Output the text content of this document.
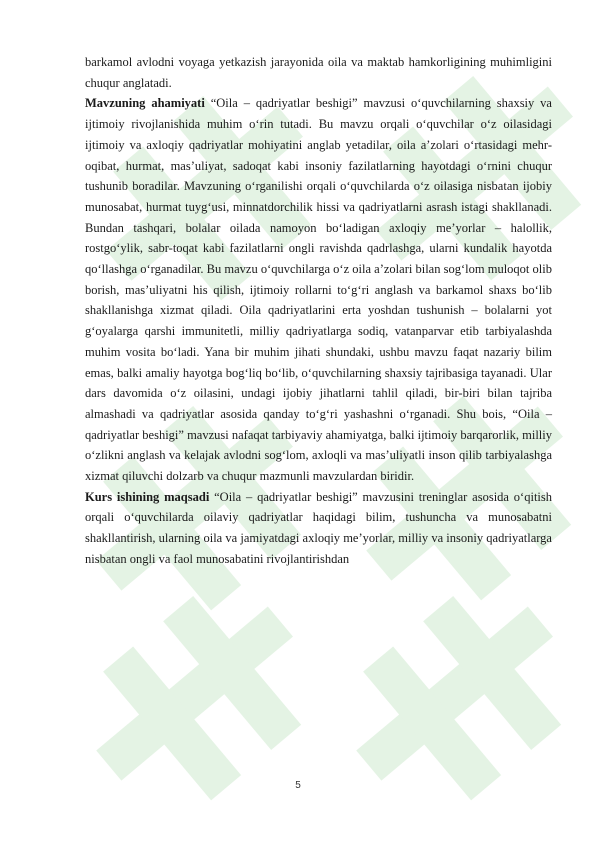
barkamol avlodni voyaga yetkazish jarayonida oila va maktab hamkorligining muhimligini chuqur anglatadi.

Mavzuning ahamiyati “Oila – qadriyatlar beshigi” mavzusi o‘quvchilarning shaxsiy va ijtimoiy rivojlanishida muhim o‘rin tutadi. Bu mavzu orqali o‘quvchilar o‘z oilasidagi ijtimoiy va axloqiy qadriyatlar mohiyatini anglab yetadilar, oila a’zolari o‘rtasidagi mehr-oqibat, hurmat, mas’uliyat, sadoqat kabi insoniy fazilatlarning hayotdagi o‘rnini chuqur tushunib boradilar. Mavzuning o‘rganilishi orqali o‘quvchilarda o‘z oilasiga nisbatan ijobiy munosabat, hurmat tuyg‘usi, minnatdorchilik hissi va qadriyatlarni asrash istagi shakllanadi. Bundan tashqari, bolalar oilada namoyon bo‘ladigan axloqiy me’yorlar – halollik, rostgo‘ylik, sabr-toqat kabi fazilatlarni ongli ravishda qadrlashga, ularni kundalik hayotda qo‘llashga o‘rganadilar. Bu mavzu o‘quvchilarga o‘z oila a’zolari bilan sog‘lom muloqot olib borish, mas’uliyatni his qilish, ijtimoiy rollarni to‘g‘ri anglash va barkamol shaxs bo‘lib shakllanishga xizmat qiladi. Oila qadriyatlarini erta yoshdan tushunish – bolalarni yot g‘oyalarga qarshi immunitetli, milliy qadriyatlarga sodiq, vatanparvar etib tarbiyalashda muhim vosita bo‘ladi. Yana bir muhim jihati shundaki, ushbu mavzu faqat nazariy bilim emas, balki amaliy hayotga bog‘liq bo‘lib, o‘quvchilarning shaxsiy tajribasiga tayanadi. Ular dars davomida o‘z oilasini, undagi ijobiy jihatlarni tahlil qiladi, bir-biri bilan tajriba almashadi va qadriyatlar asosida qanday to‘g‘ri yashashni o‘rganadi. Shu bois, “Oila – qadriyatlar beshigi” mavzusi nafaqat tarbiyaviy ahamiyatga, balki ijtimoiy barqarorlik, milliy o‘zlikni anglash va kelajak avlodni sog‘lom, axloqli va mas’uliyatli inson qilib tarbiyalashga xizmat qiluvchi dolzarb va chuqur mazmunli mavzulardan biridir.

Kurs ishining maqsadi “Oila – qadriyatlar beshigi” mavzusini treninglar asosida o‘qitish orqali o‘quvchilarda oilaviy qadriyatlar haqidagi bilim, tushuncha va munosabatni shakllantirish, ularning oila va jamiyatdagi axloqiy me’yorlar, milliy va insoniy qadriyatlarga nisbatan ongli va faol munosabatini rivojlantirishdan

5
